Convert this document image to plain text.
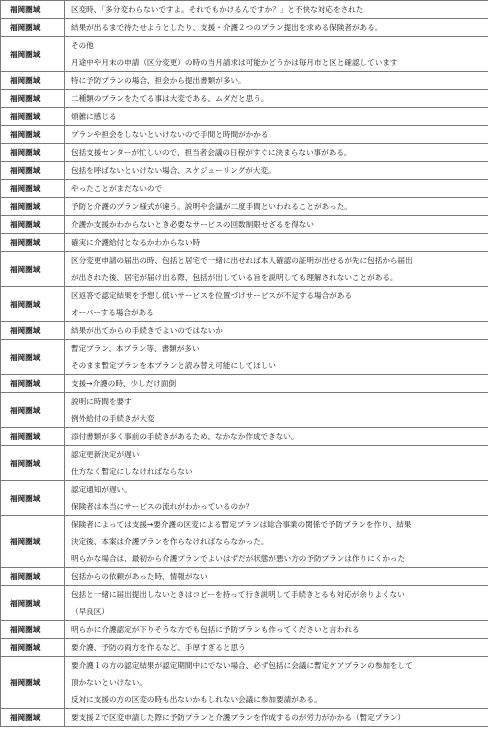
福岡圏域	区変時、「多分変わらないですよ。それでもかけるんですか？」と不快な対応をされた

福岡圏域	結果が出るまで待たせようとしたり、支援・介護２つのプラン提出を求める保険者がある。

福岡圏域	その他
月途中や月末の申請（区分変更）の時の当月請求は可能かどうかは毎月市と区と確認しています

福岡圏域	特に予防プランの場合、担会から提出書類が多い。

福岡圏域	二種類のプランをたてる事は大変である。ムダだと思う。

福岡圏域	煩雑に感じる

福岡圏域	プランや担会をしないといけないので手間と時間がかかる

福岡圏域	包括支援センターが忙しいので、担当者会議の日程がすぐに決まらない事がある。

福岡圏域	包括を呼ばないといけない場合、スケジューリングが大変。

福岡圏域	やったことがまだないので

福岡圏域	予防と介護のプラン様式が違う。説明や会議が二度手間といわれることがあった。

福岡圏域	介護か支援かわからないとき必要なサービスの回数制限せざるを得ない

福岡圏域	確実に介護給付となるかわからない時

福岡圏域	区分変更申請の届出の時、包括と居宅で一緒に出せれば本人確認の証明が出せるが先に包括から届出
が出された後、居宅が届け出る際、包括が出している旨を説明しても理解されないことがある。

福岡圏域	区返答で認定結果を予想し低いサービスを位置づけサービスが不足する場合がある
オーバーする場合がある

福岡圏域	結果が出てからの手続きでよいのではないか

福岡圏域	暫定プラン、本プラン等、書類が多い
そのまま暫定プランを本プランと読み替え可能にしてほしい

福岡圏域	支援→介護の時、少しだけ面倒

福岡圏域	説明に時間を要す
例外給付の手続きが大変

福岡圏域	添付書類が多く事前の手続きがあるため、なかなか作成できない。

福岡圏域	認定更新決定が遅い
仕方なく暫定にしなければならない

福岡圏域	認定通知が遅い。
保険者は本当にサービスの流れがわかっているのか？

福岡圏域	保険者によっては支援→要介護の区変による暫定プランは総合事業の関係で予防プランを作り、結果
決定後、本案は介護プランを作らなければならなかった。
明らかな場合は、最初から介護プランでよいはずだが状態が悪い方の予防プランは作りにくかった

福岡圏域	包括からの依頼があった時、情報がない

福岡圏域	包括と一緒に届出提出しないときはコピーを持って行き説明して手続きとるも対応が余りよくない
（早良区）

福岡圏域	明らかに介護認定が下りそうな方でも包括に予防プランも作ってくださいと言われる

福岡圏域	要介護、予防の両方を作るなど、手厚すぎると思う

福岡圏域	要介護１の方の認定結果が認定期間中にでない場合、必ず包括に会議に暫定ケアプランの参加をして
頂かないといけない。
反対に支援の方の区変の時も出ないかもしれない会議に参加要請がある。

福岡圏域	要支援２で区変申請した際に予防プランと介護プランを作成するのが労力がかかる（暫定プラン）
